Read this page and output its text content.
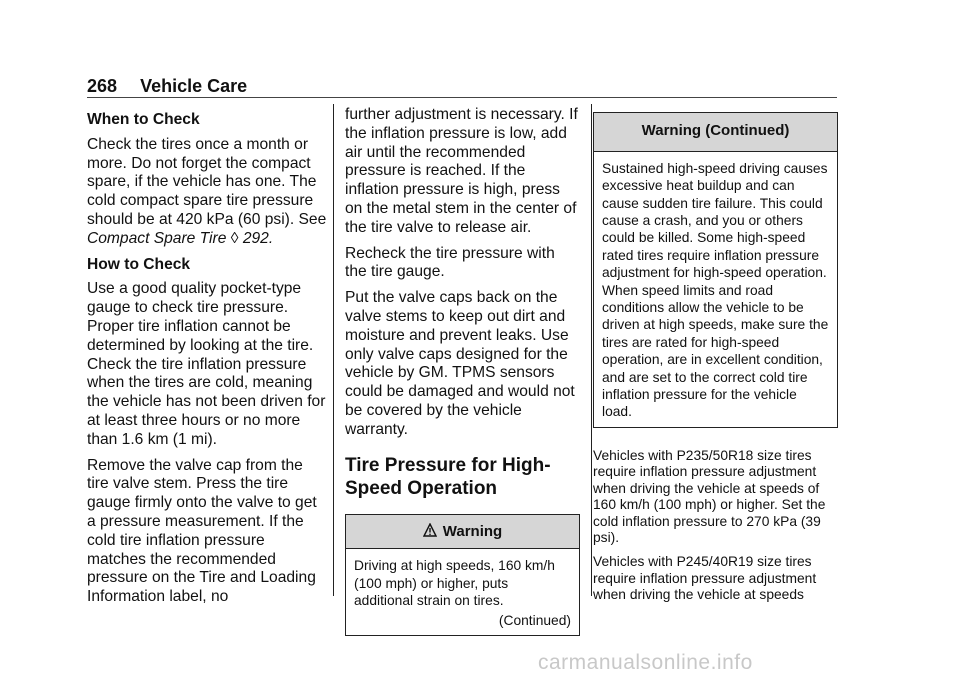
268 Vehicle Care
When to Check

Check the tires once a month or more. Do not forget the compact spare, if the vehicle has one. The cold compact spare tire pressure should be at 420 kPa (60 psi). See Compact Spare Tire ◊ 292.

How to Check

Use a good quality pocket-type gauge to check tire pressure. Proper tire inflation cannot be determined by looking at the tire. Check the tire inflation pressure when the tires are cold, meaning the vehicle has not been driven for at least three hours or no more than 1.6 km (1 mi).

Remove the valve cap from the tire valve stem. Press the tire gauge firmly onto the valve to get a pressure measurement. If the cold tire inflation pressure matches the recommended pressure on the Tire and Loading Information label, no

further adjustment is necessary. If the inflation pressure is low, add air until the recommended pressure is reached. If the inflation pressure is high, press on the metal stem in the center of the tire valve to release air.

Recheck the tire pressure with the tire gauge.

Put the valve caps back on the valve stems to keep out dirt and moisture and prevent leaks. Use only valve caps designed for the vehicle by GM. TPMS sensors could be damaged and would not be covered by the vehicle warranty.

Tire Pressure for High-Speed Operation
Warning
Driving at high speeds, 160 km/h (100 mph) or higher, puts additional strain on tires.
(Continued)
Warning (Continued)
Sustained high-speed driving causes excessive heat buildup and can cause sudden tire failure. This could cause a crash, and you or others could be killed. Some high-speed rated tires require inflation pressure adjustment for high-speed operation. When speed limits and road conditions allow the vehicle to be driven at high speeds, make sure the tires are rated for high-speed operation, are in excellent condition, and are set to the correct cold tire inflation pressure for the vehicle load.

Vehicles with P235/50R18 size tires require inflation pressure adjustment when driving the vehicle at speeds of 160 km/h (100 mph) or higher. Set the cold inflation pressure to 270 kPa (39 psi).

Vehicles with P245/40R19 size tires require inflation pressure adjustment when driving the vehicle at speeds

carmanualsonline.info
